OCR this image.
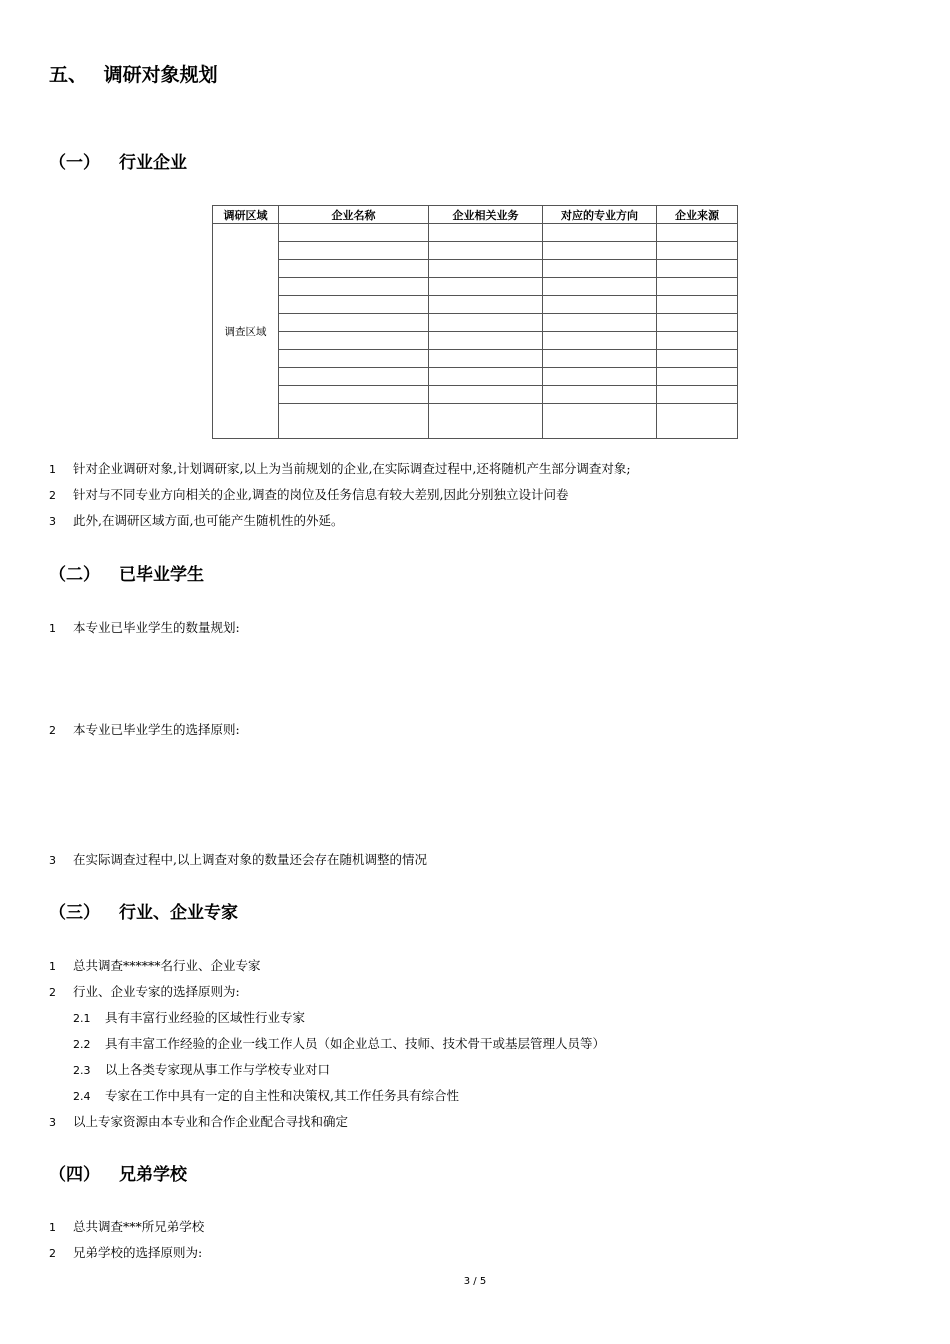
五、 调研对象规划
（一） 行业企业
调研区域	企业名称	企业相关业务	对应的专业方向	企业来源
调查区域				

1 针对企业调研对象,计划调研家,以上为当前规划的企业,在实际调查过程中,还将随机产生部分调查对象;
2 针对与不同专业方向相关的企业,调查的岗位及任务信息有较大差别,因此分别独立设计问卷
3 此外,在调研区域方面,也可能产生随机性的外延。
（二） 已毕业学生
1 本专业已毕业学生的数量规划:
2 本专业已毕业学生的选择原则:
3 在实际调查过程中,以上调查对象的数量还会存在随机调整的情况
（三） 行业、企业专家
1 总共调查******名行业、企业专家
2 行业、企业专家的选择原则为:
2.1 具有丰富行业经验的区域性行业专家
2.2 具有丰富工作经验的企业一线工作人员（如企业总工、技师、技术骨干或基层管理人员等）
2.3 以上各类专家现从事工作与学校专业对口
2.4 专家在工作中具有一定的自主性和决策权,其工作任务具有综合性
3 以上专家资源由本专业和合作企业配合寻找和确定
（四） 兄弟学校
1 总共调查***所兄弟学校
2 兄弟学校的选择原则为:
3 / 5
